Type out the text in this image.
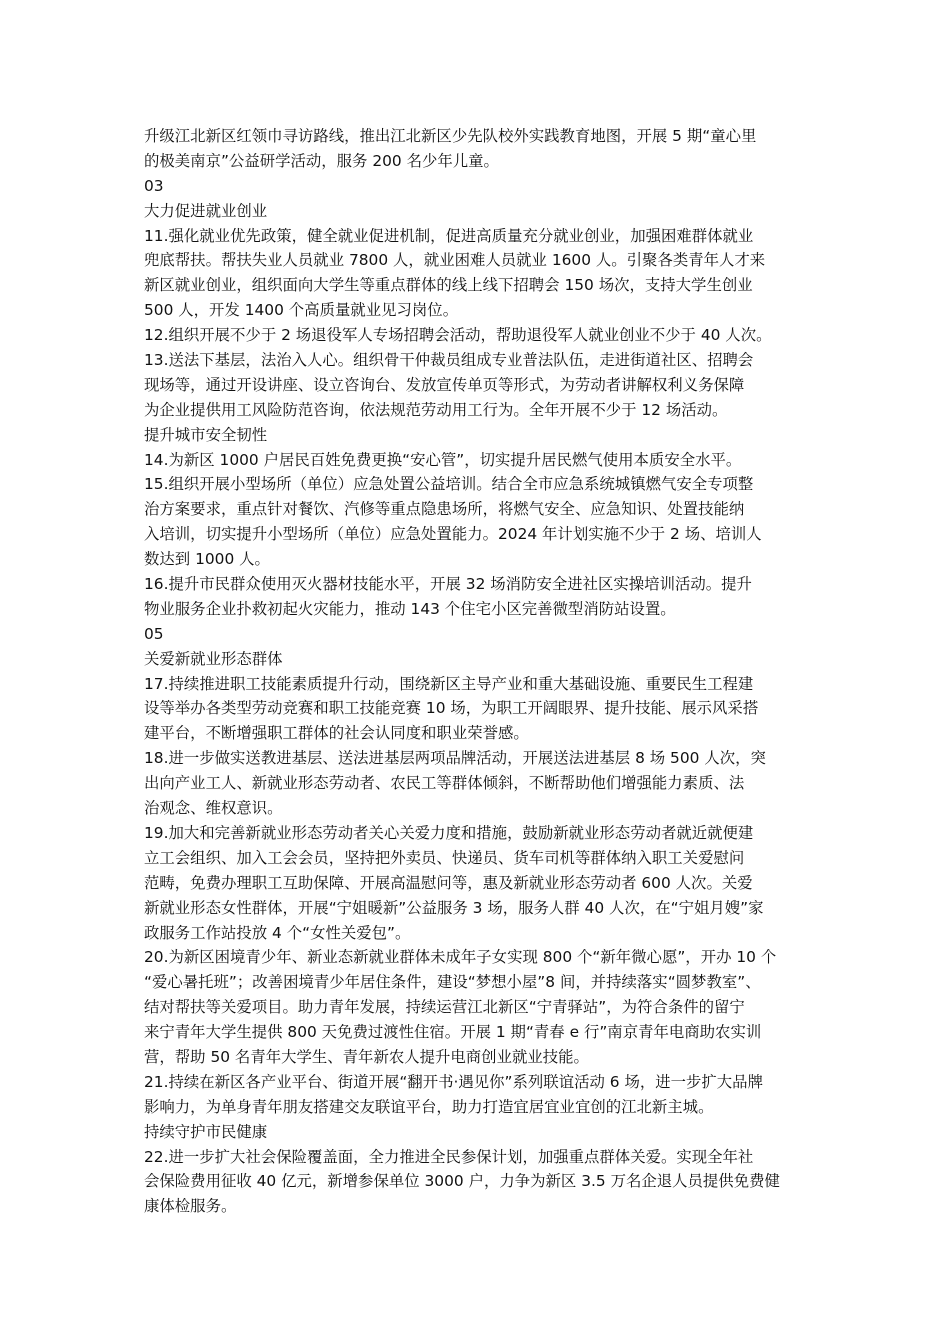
升级江北新区红领巾寻访路线，推出江北新区少先队校外实践教育地图，开展 5 期“童心里
的极美南京”公益研学活动，服务 200 名少年儿童。
03
大力促进就业创业
11.强化就业优先政策，健全就业促进机制，促进高质量充分就业创业，加强困难群体就业
兜底帮扶。帮扶失业人员就业 7800 人，就业困难人员就业 1600 人。引聚各类青年人才来
新区就业创业，组织面向大学生等重点群体的线上线下招聘会 150 场次，支持大学生创业
500 人，开发 1400 个高质量就业见习岗位。
12.组织开展不少于 2 场退役军人专场招聘会活动，帮助退役军人就业创业不少于 40 人次。
13.送法下基层，法治入人心。组织骨干仲裁员组成专业普法队伍，走进街道社区、招聘会
现场等，通过开设讲座、设立咨询台、发放宣传单页等形式，为劳动者讲解权利义务保障
为企业提供用工风险防范咨询，依法规范劳动用工行为。全年开展不少于 12 场活动。
提升城市安全韧性
14.为新区 1000 户居民百姓免费更换“安心管”，切实提升居民燃气使用本质安全水平。
15.组织开展小型场所（单位）应急处置公益培训。结合全市应急系统城镇燃气安全专项整
治方案要求，重点针对餐饮、汽修等重点隐患场所，将燃气安全、应急知识、处置技能纳
入培训，切实提升小型场所（单位）应急处置能力。2024 年计划实施不少于 2 场、培训人
数达到 1000 人。
16.提升市民群众使用灭火器材技能水平，开展 32 场消防安全进社区实操培训活动。提升
物业服务企业扑救初起火灾能力，推动 143 个住宅小区完善微型消防站设置。
05
关爱新就业形态群体
17.持续推进职工技能素质提升行动，围绕新区主导产业和重大基础设施、重要民生工程建
设等举办各类型劳动竞赛和职工技能竞赛 10 场，为职工开阔眼界、提升技能、展示风采搭
建平台，不断增强职工群体的社会认同度和职业荣誉感。
18.进一步做实送教进基层、送法进基层两项品牌活动，开展送法进基层 8 场 500 人次，突
出向产业工人、新就业形态劳动者、农民工等群体倾斜，不断帮助他们增强能力素质、法
治观念、维权意识。
19.加大和完善新就业形态劳动者关心关爱力度和措施，鼓励新就业形态劳动者就近就便建
立工会组织、加入工会会员，坚持把外卖员、快递员、货车司机等群体纳入职工关爱慰问
范畴，免费办理职工互助保障、开展高温慰问等，惠及新就业形态劳动者 600 人次。关爱
新就业形态女性群体，开展“宁姐暖新”公益服务 3 场，服务人群 40 人次，在“宁姐月嫂”家
政服务工作站投放 4 个“女性关爱包”。
20.为新区困境青少年、新业态新就业群体未成年子女实现 800 个“新年微心愿”，开办 10 个
“爱心暑托班”；改善困境青少年居住条件，建设“梦想小屋”8 间，并持续落实“圆梦教室”、
结对帮扶等关爱项目。助力青年发展，持续运营江北新区“宁青驿站”，为符合条件的留宁
来宁青年大学生提供 800 天免费过渡性住宿。开展 1 期“青春 e 行”南京青年电商助农实训
营，帮助 50 名青年大学生、青年新农人提升电商创业就业技能。
21.持续在新区各产业平台、街道开展“翻开书·遇见你”系列联谊活动 6 场，进一步扩大品牌
影响力，为单身青年朋友搭建交友联谊平台，助力打造宜居宜业宜创的江北新主城。
持续守护市民健康
22.进一步扩大社会保险覆盖面，全力推进全民参保计划，加强重点群体关爱。实现全年社
会保险费用征收 40 亿元，新增参保单位 3000 户，力争为新区 3.5 万名企退人员提供免费健
康体检服务。
